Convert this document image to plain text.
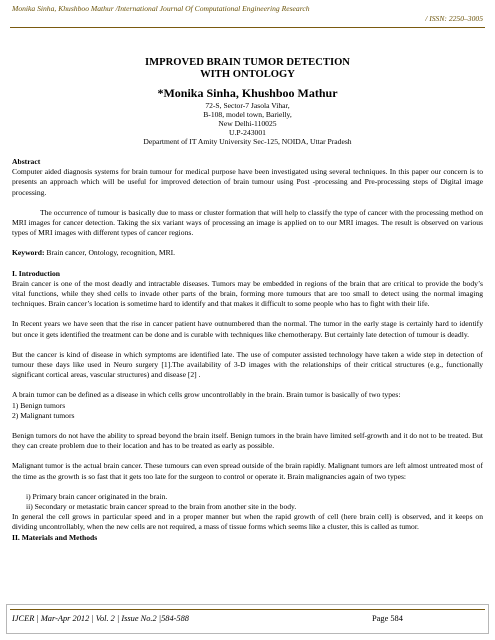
Monika Sinha, Khushboo Mathur /International Journal Of Computational Engineering Research
/ ISSN: 2250–3005
IMPROVED BRAIN TUMOR DETECTION
WITH ONTOLOGY
*Monika Sinha, Khushboo Mathur
72-S, Sector-7 Jasola Vihar,
B-108, model town, Barielly,
New Delhi-110025
U.P-243001
Department of IT Amity University Sec-125, NOIDA, Uttar Pradesh

Abstract

Computer aided diagnosis systems for brain tumour for medical purpose have been investigated using several techniques. In this paper our concern is to presents an approach which will be useful for improved detection of brain tumour using Post -processing and Pre-processing steps of Digital image processing.

The occurrence of tumour is basically due to mass or cluster formation that will help to classify the type of cancer with the processing method on MRI images for cancer detection. Taking the six variant ways of processing an image is applied on to our MRI images. The result is observed on various types of MRI images with different types of cancer regions.

Keyword: Brain cancer, Ontology, recognition, MRI.

I. Introduction

Brain cancer is one of the most deadly and intractable diseases. Tumors may be embedded in regions of the brain that are critical to provide the body’s vital functions, while they shed cells to invade other parts of the brain, forming more tumours that are too small to detect using the normal imaging techniques. Brain cancer’s location is sometime hard to identify and that makes it difficult to some people who has to fight with their life.

In Recent years we have seen that the rise in cancer patient have outnumbered than the normal. The tumor in the early stage is certainly hard to identify but once it gets identified the treatment can be done and is curable with techniques like chemotherapy. But certainly late detection of tumour is deadly.

But the cancer is kind of disease in which symptoms are identified late. The use of computer assisted technology have taken a wide step in detection of tumour these days like used in Neuro surgery [1].The availability of 3-D images with the relationships of their critical structures (e.g., functionally significant cortical areas, vascular structures) and disease [2] .

A brain tumor can be defined as a disease in which cells grow uncontrollably in the brain. Brain tumor is basically of two types:

1) Benign tumors

2) Malignant tumors

Benign tumors do not have the ability to spread beyond the brain itself. Benign tumors in the brain have limited self-growth and it do not to be treated. But they can create problem due to their location and has to be treated as early as possible.

Malignant tumor is the actual brain cancer. These tumours can even spread outside of the brain rapidly. Malignant tumors are left almost untreated most of the time as the growth is so fast that it gets too late for the surgeon to control or operate it. Brain malignancies again of two types:

i) Primary brain cancer originated in the brain.

ii) Secondary or metastatic brain cancer spread to the brain from another site in the body.

In general the cell grows in particular speed and in a proper manner but when the rapid growth of cell (here brain cell) is observed, and it keeps on dividing uncontrollably, when the new cells are not required, a mass of tissue forms which seems like a cluster, this is called as tumor.

II. Materials and Methods

IJCER | Mar-Apr 2012 | Vol. 2 | Issue No.2 |584-588	Page 584
